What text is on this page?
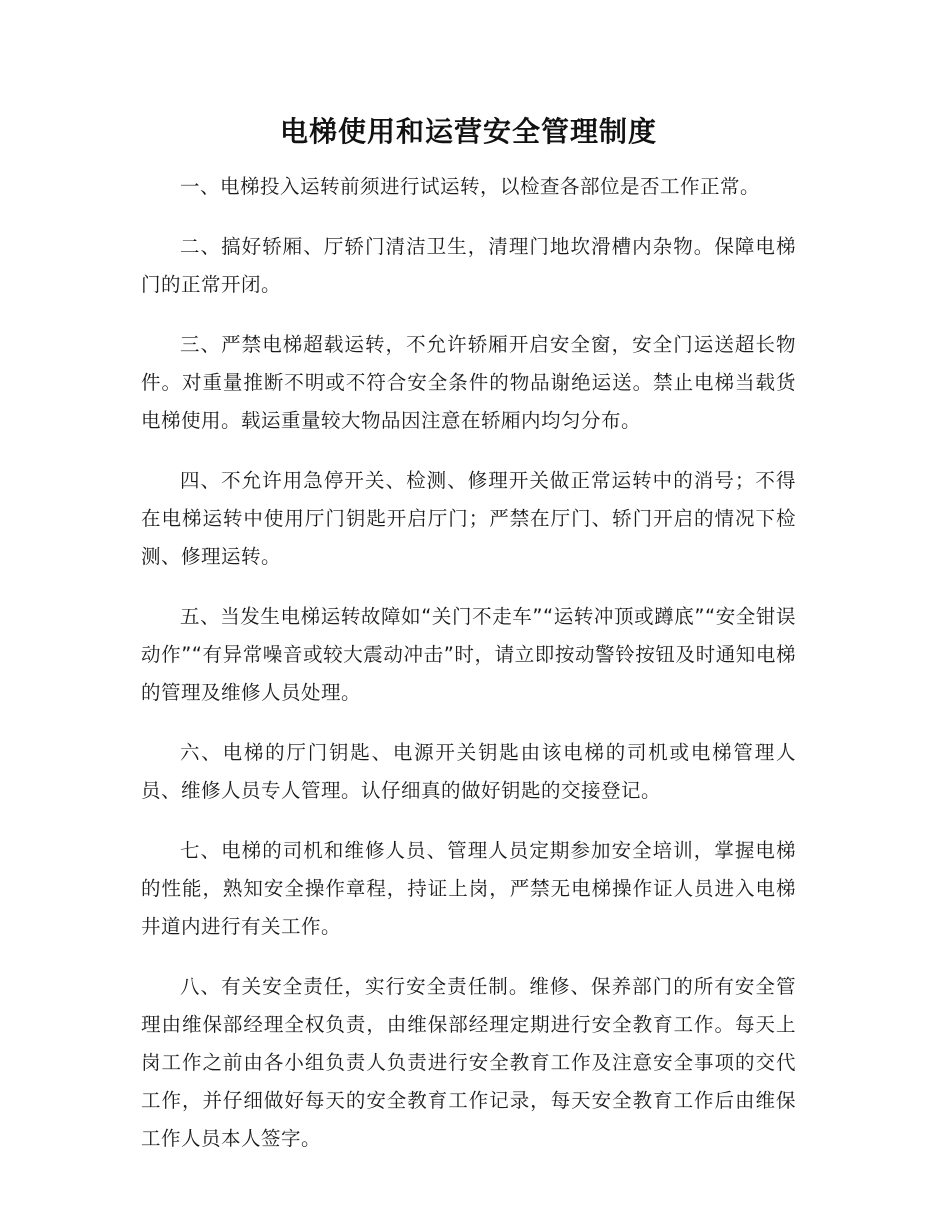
电梯使用和运营安全管理制度

一、电梯投入运转前须进行试运转，以检查各部位是否工作正常。

二、搞好轿厢、厅轿门清洁卫生，清理门地坎滑槽内杂物。保障电梯门的正常开闭。

三、严禁电梯超载运转，不允许轿厢开启安全窗，安全门运送超长物件。对重量推断不明或不符合安全条件的物品谢绝运送。禁止电梯当载货电梯使用。载运重量较大物品因注意在轿厢内均匀分布。

四、不允许用急停开关、检测、修理开关做正常运转中的消号；不得在电梯运转中使用厅门钥匙开启厅门；严禁在厅门、轿门开启的情况下检测、修理运转。

五、当发生电梯运转故障如“关门不走车”“运转冲顶或蹲底”“安全钳误动作”“有异常噪音或较大震动冲击”时，请立即按动警铃按钮及时通知电梯的管理及维修人员处理。

六、电梯的厅门钥匙、电源开关钥匙由该电梯的司机或电梯管理人员、维修人员专人管理。认仔细真的做好钥匙的交接登记。

七、电梯的司机和维修人员、管理人员定期参加安全培训，掌握电梯的性能，熟知安全操作章程，持证上岗，严禁无电梯操作证人员进入电梯井道内进行有关工作。

八、有关安全责任，实行安全责任制。维修、保养部门的所有安全管理由维保部经理全权负责，由维保部经理定期进行安全教育工作。每天上岗工作之前由各小组负责人负责进行安全教育工作及注意安全事项的交代工作，并仔细做好每天的安全教育工作记录，每天安全教育工作后由维保工作人员本人签字。
